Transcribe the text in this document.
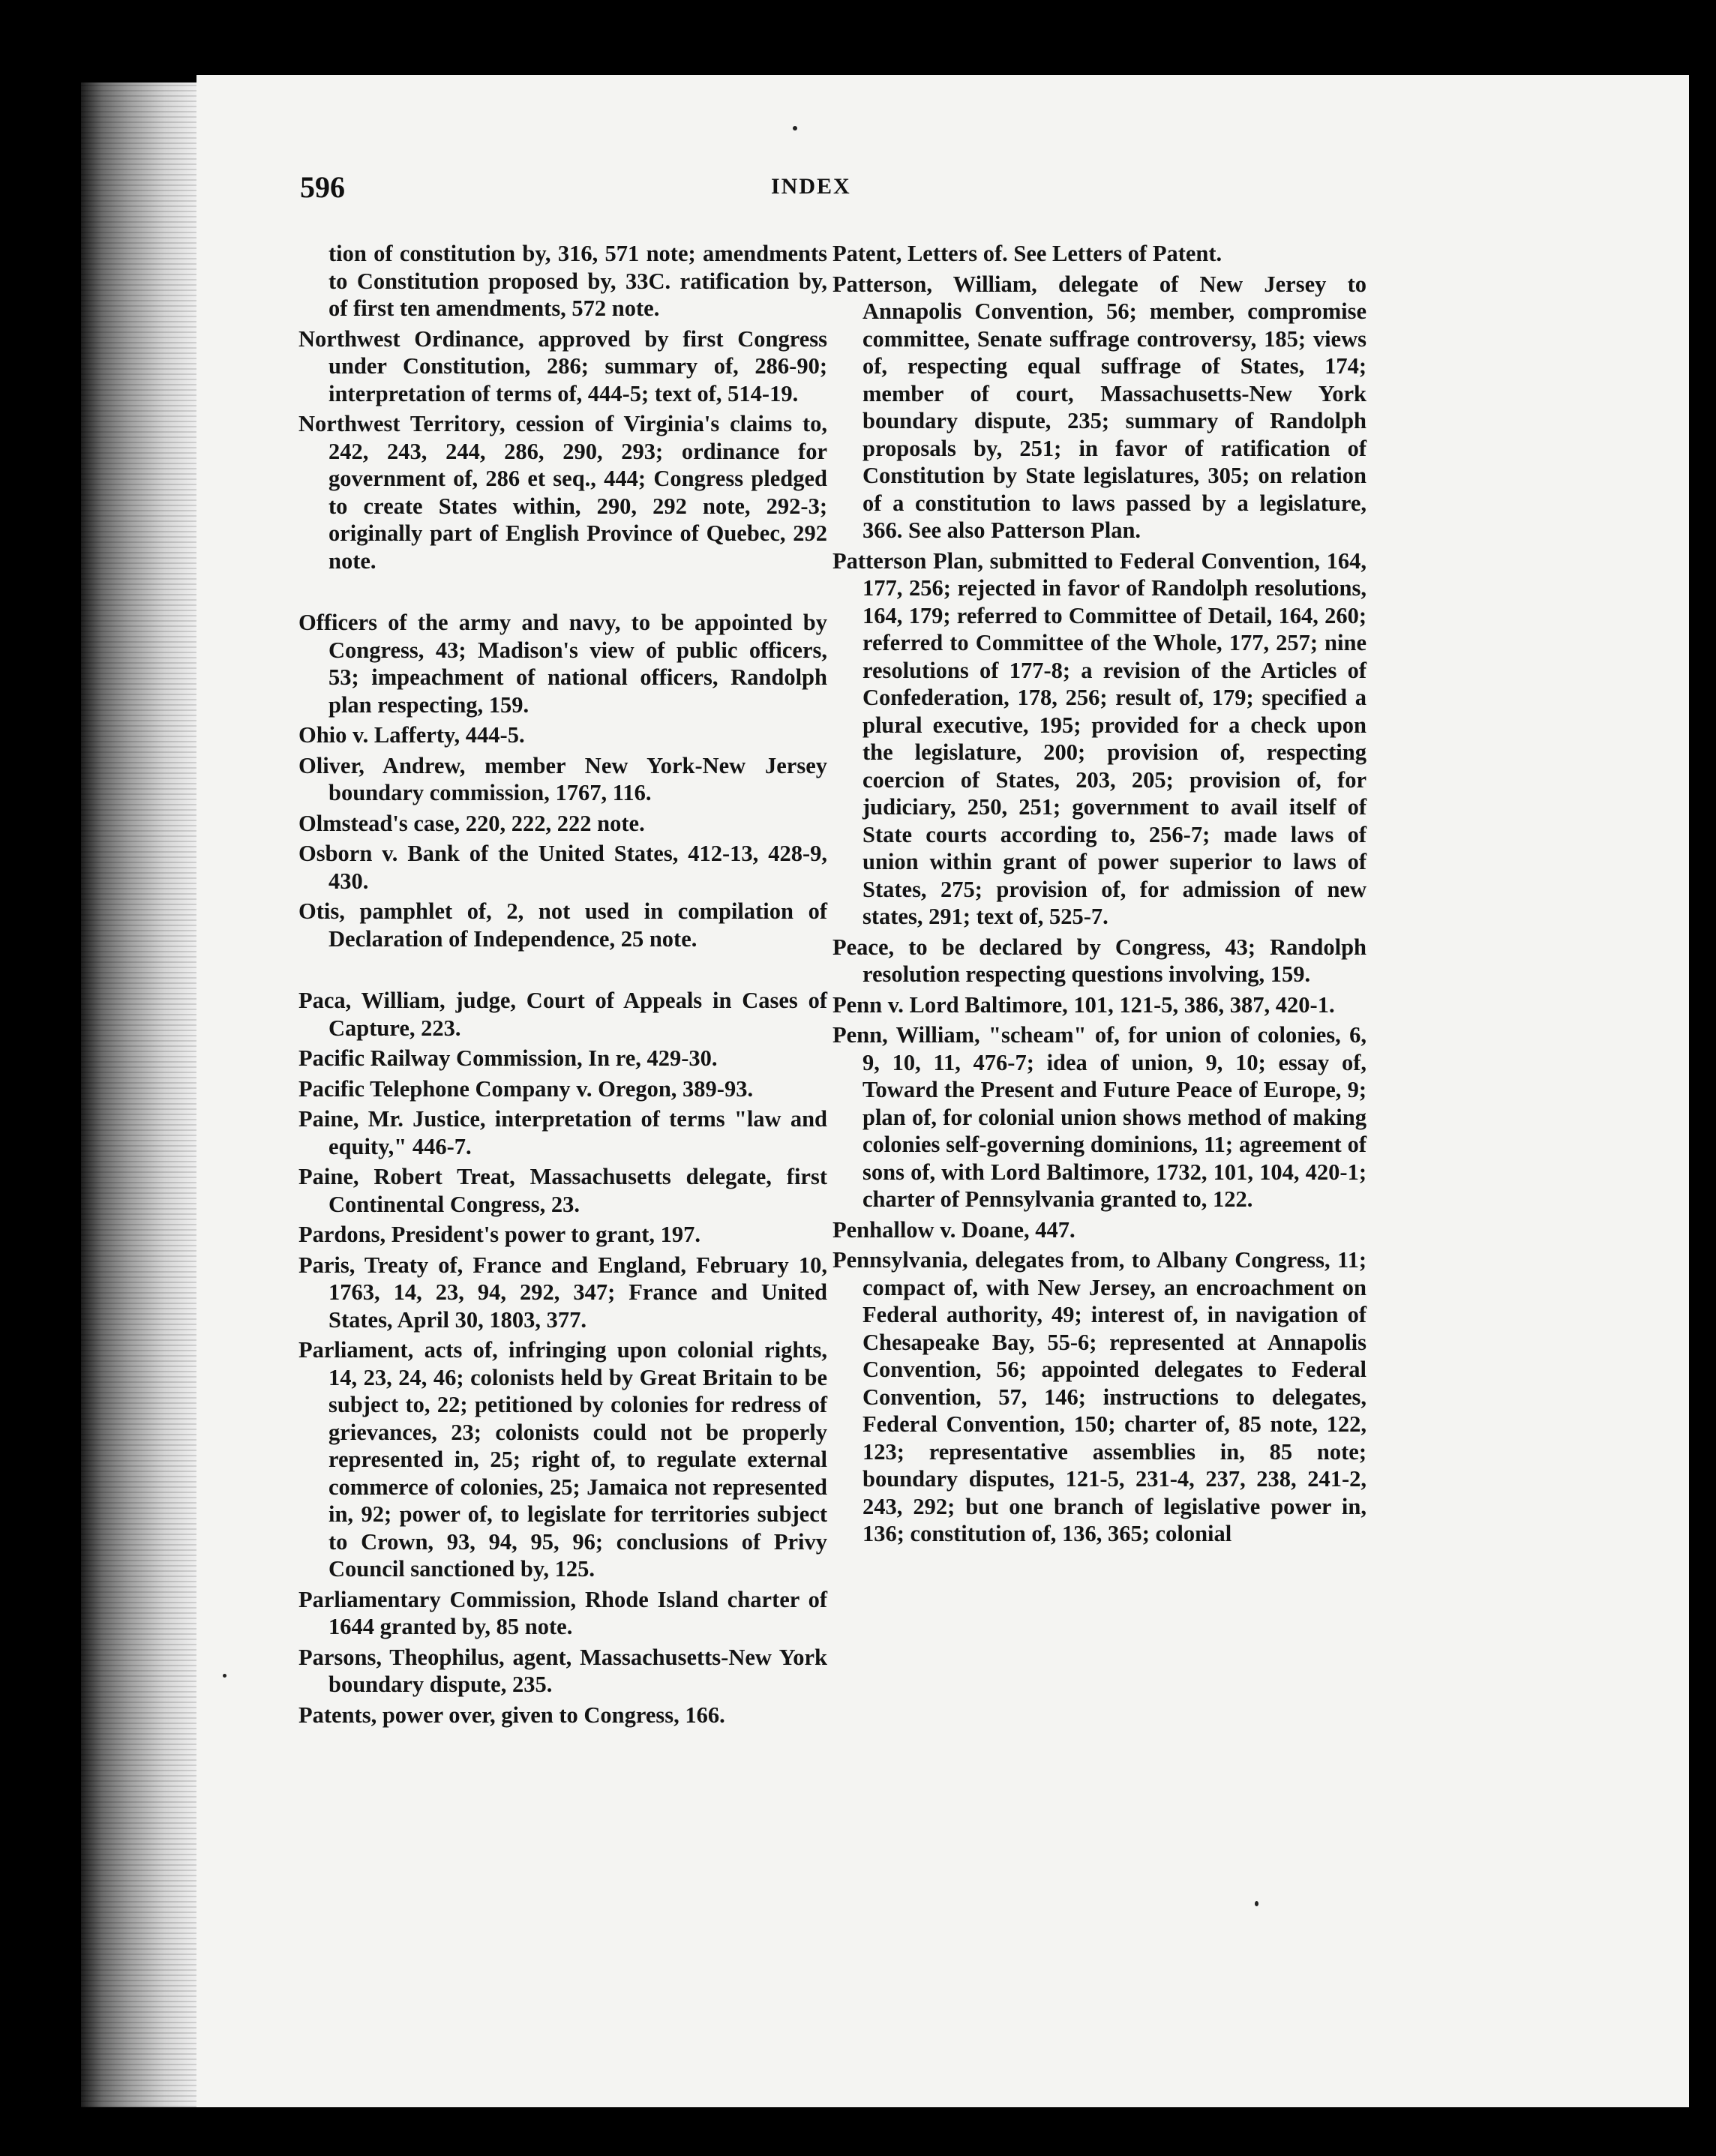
596	INDEX

tion of constitution by, 316, 571 note; amendments to Constitution proposed by, 33C. ratification by, of first ten amendments, 572 note.

Northwest Ordinance, approved by first Congress under Constitution, 286; summary of, 286-90; interpretation of terms of, 444-5; text of, 514-19.

Northwest Territory, cession of Virginia's claims to, 242, 243, 244, 286, 290, 293; ordinance for government of, 286 et seq., 444; Congress pledged to create States within, 290, 292 note, 292-3; originally part of English Province of Quebec, 292 note.

Officers of the army and navy, to be appointed by Congress, 43; Madison's view of public officers, 53; impeachment of national officers, Randolph plan respecting, 159.

Ohio v. Lafferty, 444-5.

Oliver, Andrew, member New York-New Jersey boundary commission, 1767, 116.

Olmstead's case, 220, 222, 222 note.

Osborn v. Bank of the United States, 412-13, 428-9, 430.

Otis, pamphlet of, 2, not used in compilation of Declaration of Independence, 25 note.

Paca, William, judge, Court of Appeals in Cases of Capture, 223.

Pacific Railway Commission, In re, 429-30.

Pacific Telephone Company v. Oregon, 389-93.

Paine, Mr. Justice, interpretation of terms "law and equity," 446-7.

Paine, Robert Treat, Massachusetts delegate, first Continental Congress, 23.

Pardons, President's power to grant, 197.

Paris, Treaty of, France and England, February 10, 1763, 14, 23, 94, 292, 347; France and United States, April 30, 1803, 377.

Parliament, acts of, infringing upon colonial rights, 14, 23, 24, 46; colonists held by Great Britain to be subject to, 22; petitioned by colonies for redress of grievances, 23; colonists could not be properly represented in, 25; right of, to regulate external commerce of colonies, 25; Jamaica not represented in, 92; power of, to legislate for territories subject to Crown, 93, 94, 95, 96; conclusions of Privy Council sanctioned by, 125.

Parliamentary Commission, Rhode Island charter of 1644 granted by, 85 note.

Parsons, Theophilus, agent, Massachusetts-New York boundary dispute, 235.

Patents, power over, given to Congress, 166.

Patent, Letters of. See Letters of Patent.

Patterson, William, delegate of New Jersey to Annapolis Convention, 56; member, compromise committee, Senate suffrage controversy, 185; views of, respecting equal suffrage of States, 174; member of court, Massachusetts-New York boundary dispute, 235; summary of Randolph proposals by, 251; in favor of ratification of Constitution by State legislatures, 305; on relation of a constitution to laws passed by a legislature, 366. See also Patterson Plan.

Patterson Plan, submitted to Federal Convention, 164, 177, 256; rejected in favor of Randolph resolutions, 164, 179; referred to Committee of Detail, 164, 260; referred to Committee of the Whole, 177, 257; nine resolutions of 177-8; a revision of the Articles of Confederation, 178, 256; result of, 179; specified a plural executive, 195; provided for a check upon the legislature, 200; provision of, respecting coercion of States, 203, 205; provision of, for judiciary, 250, 251; government to avail itself of State courts according to, 256-7; made laws of union within grant of power superior to laws of States, 275; provision of, for admission of new states, 291; text of, 525-7.

Peace, to be declared by Congress, 43; Randolph resolution respecting questions involving, 159.

Penn v. Lord Baltimore, 101, 121-5, 386, 387, 420-1.

Penn, William, "scheam" of, for union of colonies, 6, 9, 10, 11, 476-7; idea of union, 9, 10; essay of, Toward the Present and Future Peace of Europe, 9; plan of, for colonial union shows method of making colonies self-governing dominions, 11; agreement of sons of, with Lord Baltimore, 1732, 101, 104, 420-1; charter of Pennsylvania granted to, 122.

Penhallow v. Doane, 447.

Pennsylvania, delegates from, to Albany Congress, 11; compact of, with New Jersey, an encroachment on Federal authority, 49; interest of, in navigation of Chesapeake Bay, 55-6; represented at Annapolis Convention, 56; appointed delegates to Federal Convention, 57, 146; instructions to delegates, Federal Convention, 150; charter of, 85 note, 122, 123; representative assemblies in, 85 note; boundary disputes, 121-5, 231-4, 237, 238, 241-2, 243, 292; but one branch of legislative power in, 136; constitution of, 136, 365; colonial
